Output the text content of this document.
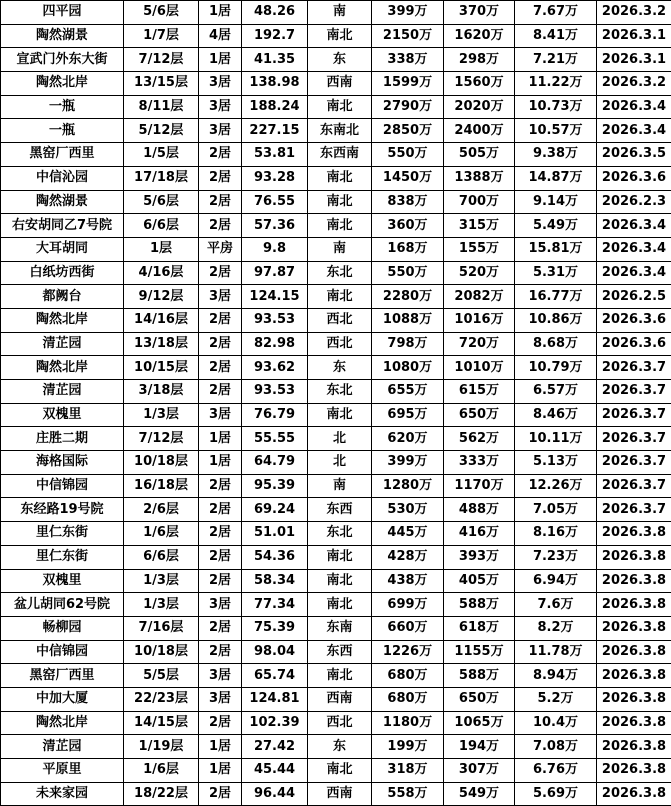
四平园	5/6层	1居	48.26	南	399万	370万	7.67万	2026.3.2
陶然湖景	1/7层	4居	192.7	南北	2150万	1620万	8.41万	2026.3.1
宣武门外东大街	7/12层	1居	41.35	东	338万	298万	7.21万	2026.3.1
陶然北岸	13/15层	3居	138.98	西南	1599万	1560万	11.22万	2026.3.2
一瓶	8/11层	3居	188.24	南北	2790万	2020万	10.73万	2026.3.4
一瓶	5/12层	3居	227.15	东南北	2850万	2400万	10.57万	2026.3.4
黑窑厂西里	1/5层	2居	53.81	东西南	550万	505万	9.38万	2026.3.5
中信沁园	17/18层	2居	93.28	南北	1450万	1388万	14.87万	2026.3.6
陶然湖景	5/6层	2居	76.55	南北	838万	700万	9.14万	2026.2.3
右安胡同乙7号院	6/6层	2居	57.36	南北	360万	315万	5.49万	2026.3.4
大耳胡同	1层	平房	9.8	南	168万	155万	15.81万	2026.3.4
白纸坊西街	4/16层	2居	97.87	东北	550万	520万	5.31万	2026.3.4
都阙台	9/12层	3居	124.15	南北	2280万	2082万	16.77万	2026.2.5
陶然北岸	14/16层	2居	93.53	西北	1088万	1016万	10.86万	2026.3.6
清芷园	13/18层	2居	82.98	西北	798万	720万	8.68万	2026.3.6
陶然北岸	10/15层	2居	93.62	东	1080万	1010万	10.79万	2026.3.7
清芷园	3/18层	2居	93.53	东北	655万	615万	6.57万	2026.3.7
双槐里	1/3层	3居	76.79	南北	695万	650万	8.46万	2026.3.7
庄胜二期	7/12层	1居	55.55	北	620万	562万	10.11万	2026.3.7
海格国际	10/18层	1居	64.79	北	399万	333万	5.13万	2026.3.7
中信锦园	16/18层	2居	95.39	南	1280万	1170万	12.26万	2026.3.7
东经路19号院	2/6层	2居	69.24	东西	530万	488万	7.05万	2026.3.7
里仁东街	1/6层	2居	51.01	东北	445万	416万	8.16万	2026.3.8
里仁东街	6/6层	2居	54.36	南北	428万	393万	7.23万	2026.3.8
双槐里	1/3层	2居	58.34	南北	438万	405万	6.94万	2026.3.8
盆儿胡同62号院	1/3层	3居	77.34	南北	699万	588万	7.6万	2026.3.8
畅柳园	7/16层	2居	75.39	东南	660万	618万	8.2万	2026.3.8
中信锦园	10/18层	2居	98.04	东西	1226万	1155万	11.78万	2026.3.8
黑窑厂西里	5/5层	3居	65.74	南北	680万	588万	8.94万	2026.3.8
中加大厦	22/23层	3居	124.81	西南	680万	650万	5.2万	2026.3.8
陶然北岸	14/15层	2居	102.39	西北	1180万	1065万	10.4万	2026.3.8
清芷园	1/19层	1居	27.42	东	199万	194万	7.08万	2026.3.8
平原里	1/6层	1居	45.44	南北	318万	307万	6.76万	2026.3.8
未来家园	18/22层	2居	96.44	西南	558万	549万	5.69万	2026.3.8
